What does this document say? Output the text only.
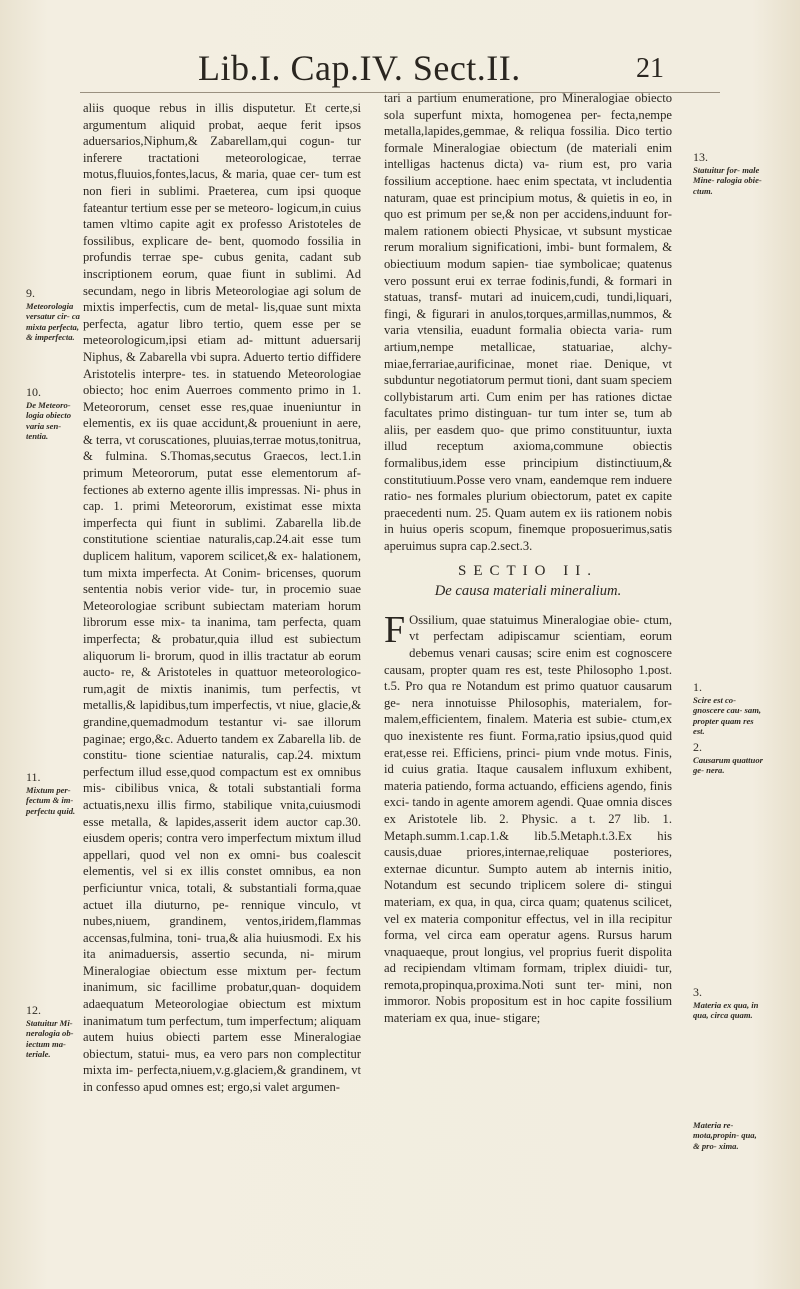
Lib.I. Cap.IV. Sect.II.	21

aliis quoque rebus in illis disputetur. Et certe,si argumentum aliquid probat, aeque ferit ipsos aduersarios,Niphum,& Zabarellam,qui cogun- tur inferere tractationi meteorologicae, terrae motus,fluuios,fontes,lacus, & maria, quae cer- tum est non fieri in sublimi. Praeterea, cum ipsi quoque fateantur tertium esse per se meteoro- logicum,in cuius tamen vltimo capite agit ex professo Aristoteles de fossilibus, explicare de- bent, quomodo fossilia in profundis terrae spe- cubus genita, cadant sub inscriptionem eorum, quae fiunt in sublimi. Ad secundam, nego in libris Meteorologiae agi solum de mixtis imperfectis, cum de metal- lis,quae sunt mixta perfecta, agatur libro tertio, quem esse per se meteorologicum,ipsi etiam ad- mittunt aduersarij Niphus, & Zabarella vbi supra. Aduerto tertio diffidere Aristotelis interpre- tes. in statuendo Meteorologiae obiecto; hoc enim Auerroes commento primo in 1. Meteororum, censet esse res,quae inueniuntur in elementis, ex iis quae accidunt,& proueniunt in aere, & terra, vt coruscationes, pluuias,terrae motus,tonitrua, & fulmina. S.Thomas,secutus Graecos, lect.1.in primum Meteororum, putat esse elementorum af- fectiones ab externo agente illis impressas. Ni- phus in cap. 1. primi Meteororum, existimat esse mixta imperfecta qui fiunt in sublimi. Zabarella lib.de constitutione scientiae naturalis,cap.24.ait esse tum duplicem halitum, vaporem scilicet,& ex- halationem, tum mixta imperfecta. At Conim- bricenses, quorum sententia nobis verior vide- tur, in procemio suae Meteorologiae scribunt subiectam materiam horum librorum esse mix- ta inanima, tam perfecta, quam imperfecta; & probatur,quia illud est subiectum aliquorum li- brorum, quod in illis tractatur ab eorum aucto- re, & Aristoteles in quattuor meteorologico- rum,agit de mixtis inanimis, tum perfectis, vt metallis,& lapidibus,tum imperfectis, vt niue, glacie,& grandine,quemadmodum testantur vi- sae illorum paginae; ergo,&c. Aduerto tandem ex Zabarella lib. de constitu- tione scientiae naturalis, cap.24. mixtum perfectum illud esse,quod compactum est ex omnibus mis- cibilibus vnica, & totali substantiali forma actuatis,nexu illis firmo, stabilique vnita,cuiusmodi esse metalla, & lapides,asserit idem auctor cap.30. eiusdem operis; contra vero imperfectum mixtum illud appellari, quod vel non ex omni- bus coalescit elementis, vel si ex illis constet omnibus, ea non perficiuntur vnica, totali, & substantiali forma,quae actuet illa diuturno, pe- rennique vinculo, vt nubes,niuem, grandinem, ventos,iridem,flammas accensas,fulmina, toni- trua,& alia huiusmodi. Ex his ita animaduersis, assertio secunda, ni- mirum Mineralogiae obiectum esse mixtum per- fectum inanimum, sic facillime probatur,quan- doquidem adaequatum Meteorologiae obiectum est mixtum inanimatum tum perfectum, tum imperfectum; aliquam autem huius obiecti partem esse Mineralogiae obiectum, statui- mus, ea vero pars non complectitur mixta im- perfecta,niuem,v.g.glaciem,& grandinem, vt in confesso apud omnes est; ergo,si valet argumen-

tari a partium enumeratione, pro Mineralogiae obiecto sola superfunt mixta, homogenea per- fecta,nempe metalla,lapides,gemmae, & reliqua fossilia. Dico tertio formale Mineralogiae obiectum (de materiali enim intelligas hactenus dicta) va- rium est, pro varia fossilium acceptione. haec enim spectata, vt includentia naturam, quae est principium motus, & quietis in eo, in quo est primum per se,& non per accidens,induunt for- malem rationem obiecti Physicae, vt subsunt mysticae rerum moralium significationi, imbi- bunt formalem, & obiectiuum modum sapien- tiae symbolicae; quatenus vero possunt erui ex terrae fodinis,fundi, & formari in statuas, transf- mutari ad inuicem,cudi, tundi,liquari, fingi, & figurari in anulos,torques,armillas,nummos, & varia vtensilia, euadunt formalia obiecta varia- rum artium,nempe metallicae, statuariae, alchy- miae,ferrariae,aurificinae, monet riae. Denique, vt subduntur negotiatorum permut tioni, dant suam speciem collybistarum arti. Cum enim per has rationes dictae facultates primo distinguan- tur tum inter se, tum ab aliis, per easdem quo- que primo constituuntur, iuxta illud receptum axioma,commune obiectis formalibus,idem esse principium distinctiuum,& constitutiuum.Posse vero vnam, eandemque rem induere ratio- nes formales plurium obiectorum, patet ex capite praecedenti num. 25. Quam autem ex iis rationem nobis in huius operis scopum, finemque proposuerimus,satis aperuimus supra cap.2.sect.3.

SECTIO II.
De causa materiali mineralium.

F Ossilium, quae statuimus Mineralogiae obie- ctum, vt perfectam adipiscamur scientiam, eorum debemus venari causas; scire enim est cognoscere causam, propter quam res est, teste Philosopho 1.post. t.5. Pro qua re Notandum est primo quatuor causarum ge- nera innotuisse Philosophis, materialem, for- malem,efficientem, finalem. Materia est subie- ctum,ex quo inexistente res fiunt. Forma,ratio ipsius,quod quid erat,esse rei. Efficiens, princi- pium vnde motus. Finis, id cuius gratia. Itaque causalem influxum exhibent, materia patiendo, forma actuando, efficiens agendo, finis exci- tando in agente amorem agendi. Quae omnia disces ex Aristotele lib. 2. Physic. a t. 27 lib. 1. Metaph.summ.1.cap.1.& lib.5.Metaph.t.3.Ex his causis,duae priores,internae,reliquae posteriores, externae dicuntur. Sumpto autem ab internis initio, Notandum est secundo triplicem solere di- stingui materiam, ex qua, in qua, circa quam; quatenus scilicet, vel ex materia componitur effectus, vel in illa recipitur forma, vel circa eam operatur agens. Rursus harum vnaquaeque, prout longius, vel proprius fuerit dispolita ad recipiendam vltimam formam, triplex diuidi- tur, remota,propinqua,proxima.Noti sunt ter- mini, non immoror. Nobis propositum est in hoc capite fossilium materiam ex qua, inue- stigare;

9.
Meteorologia versatur cir- ca mixta perfecta, & imperfecta.
10.
De Meteoro- logia obiecto varia sen- tentia.
11.
Mixtum per- fectum & im- perfectu quid.
12.
Statuitur Mi- neralogia ob- iectum ma- teriale.
13.
Statuitur for- male Mine- ralogia obie- ctum.
1.
Scire est co- gnoscere cau- sam, propter quam res est.
2.
Causarum quattuor ge- nera.
3.
Materia ex qua, in qua, circa quam.
Materia re- mota,propin- qua, & pro- xima.
